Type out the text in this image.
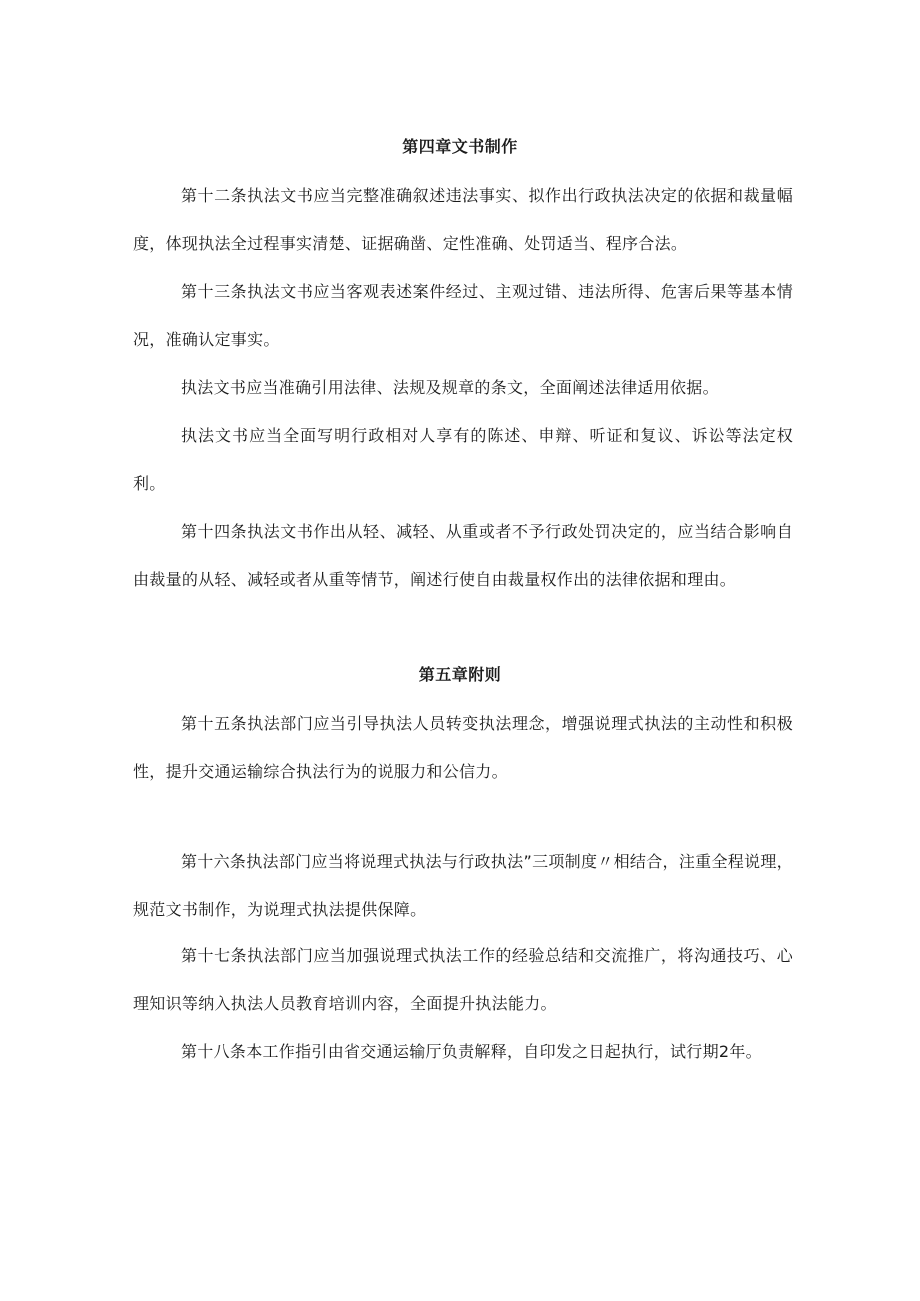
第四章文书制作

第十二条执法文书应当完整准确叙述违法事实、拟作出行政执法决定的依据和裁量幅度，体现执法全过程事实清楚、证据确凿、定性准确、处罚适当、程序合法。

第十三条执法文书应当客观表述案件经过、主观过错、违法所得、危害后果等基本情况，准确认定事实。

执法文书应当准确引用法律、法规及规章的条文，全面阐述法律适用依据。

执法文书应当全面写明行政相对人享有的陈述、申辩、听证和复议、诉讼等法定权利。

第十四条执法文书作出从轻、减轻、从重或者不予行政处罚决定的，应当结合影响自由裁量的从轻、减轻或者从重等情节，阐述行使自由裁量权作出的法律依据和理由。

第五章附则

第十五条执法部门应当引导执法人员转变执法理念，增强说理式执法的主动性和积极性，提升交通运输综合执法行为的说服力和公信力。

第十六条执法部门应当将说理式执法与行政执法”三项制度〃相结合，注重全程说理，规范文书制作，为说理式执法提供保障。

第十七条执法部门应当加强说理式执法工作的经验总结和交流推广，将沟通技巧、心理知识等纳入执法人员教育培训内容，全面提升执法能力。

第十八条本工作指引由省交通运输厅负责解释，自印发之日起执行，试行期2年。
